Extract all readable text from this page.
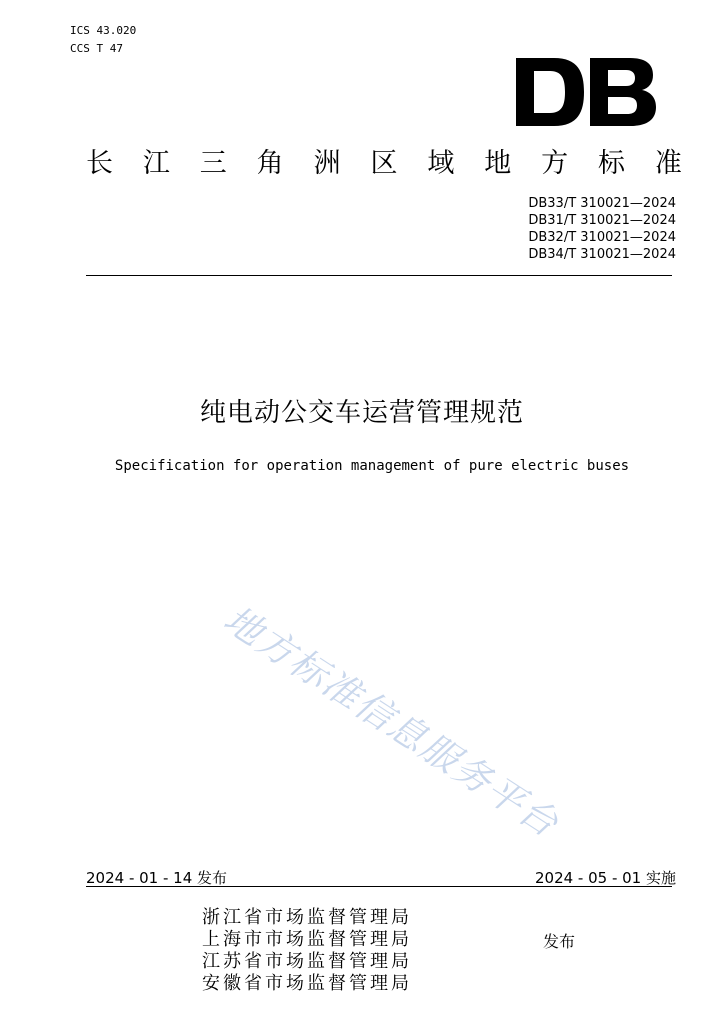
ICS 43.020
CCS T 47
长 江 三 角 洲 区 域 地 方 标 准
DB33/T 310021—2024
DB31/T 310021—2024
DB32/T 310021—2024
DB34/T 310021—2024
纯电动公交车运营管理规范
Specification for operation management of pure electric buses
地方标准信息服务平台
2024 - 01 - 14 发布	2024 - 05 - 01 实施
浙江省市场监督管理局
上海市市场监督管理局
江苏省市场监督管理局
安徽省市场监督管理局
发布
